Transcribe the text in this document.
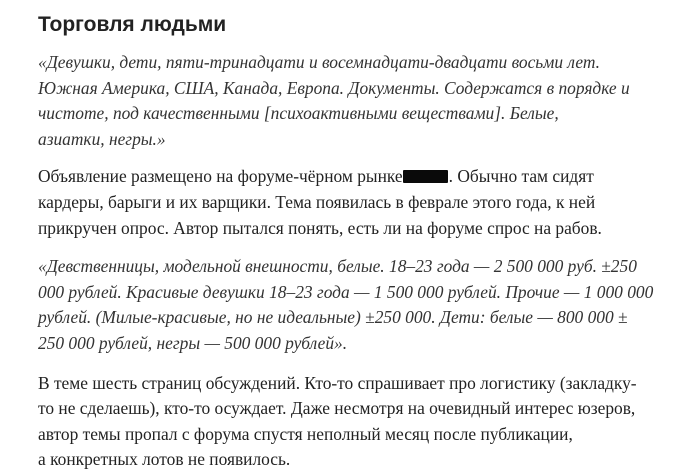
Торговля людьми

«Девушки, дети, пяти-тринадцати и восемнадцати-двадцати восьми лет.
Южная Америка, США, Канада, Европа. Документы. Содержатся в порядке и
чистоте, под качественными [психоактивными веществами]. Белые,
азиатки, негры.»

Объявление размещено на форуме-чёрном рынке	. Обычно там сидят
кардеры, барыги и их варщики. Тема появилась в феврале этого года, к ней
прикручен опрос. Автор пытался понять, есть ли на форуме спрос на рабов.

«Девственницы, модельной внешности, белые. 18–23 года — 2 500 000 руб. ±250
000 рублей. Красивые девушки 18–23 года — 1 500 000 рублей. Прочие — 1 000 000
рублей. (Милые-красивые, но не идеальные) ±250 000. Дети: белые — 800 000 ±
250 000 рублей, негры — 500 000 рублей».

В теме шесть страниц обсуждений. Кто-то спрашивает про логистику (закладку-
то не сделаешь), кто-то осуждает. Даже несмотря на очевидный интерес юзеров,
автор темы пропал с форума спустя неполный месяц после публикации,
а конкретных лотов не появилось.
